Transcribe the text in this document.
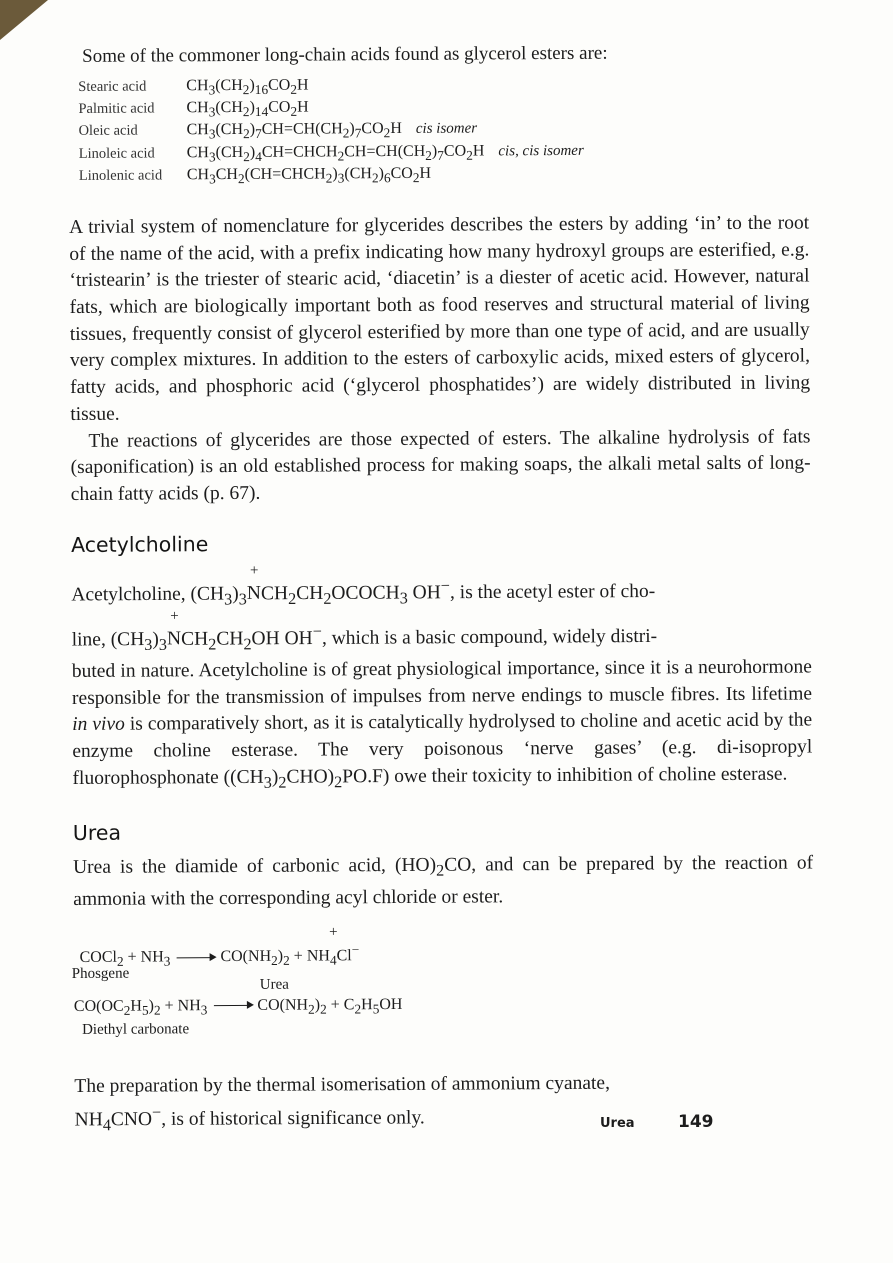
Some of the commoner long-chain acids found as glycerol esters are:
Stearic acid	$CH_3(CH_2)_{16}CO_2H$
Palmitic acid	$CH_3(CH_2)_{14}CO_2H$
Oleic acid	$CH_3(CH_2)_7CH=CH(CH_2)_7CO_2H$ cis isomer
Linoleic acid	$CH_3(CH_2)_4CH=CHCH_2CH=CH(CH_2)_7CO_2H$ cis, cis isomer
Linolenic acid	$CH_3CH_2(CH=CHCH_2)_3(CH_2)_6CO_2H$

A trivial system of nomenclature for glycerides describes the esters by adding ‘in’ to the root of the name of the acid, with a prefix indicating how many hydroxyl groups are esterified, e.g. ‘tristearin’ is the triester of stearic acid, ‘diacetin’ is a diester of acetic acid. However, natural fats, which are biologically important both as food reserves and structural material of living tissues, frequently consist of glycerol esterified by more than one type of acid, and are usually very complex mixtures. In addition to the esters of carboxylic acids, mixed esters of glycerol, fatty acids, and phosphoric acid (‘glycerol phosphatides’) are widely distributed in living tissue.

The reactions of glycerides are those expected of esters. The alkaline hydrolysis of fats (saponification) is an old established process for making soaps, the alkali metal salts of long-chain fatty acids (p. 67).

Acetylcholine

Acetylcholine, $(CH_3)_3$
+
$NCH_2CH_2OCOCH_3$ OH−, is the acetyl ester of cho-

line, $(CH_3)_3$
+
$NCH_2CH_2OH$ OH−, which is a basic compound, widely distri-

buted in nature. Acetylcholine is of great physiological importance, since it is a neurohormone responsible for the transmission of impulses from nerve endings to muscle fibres. Its lifetime in vivo is comparatively short, as it is catalytically hydrolysed to choline and acetic acid by the enzyme choline esterase. The very poisonous ‘nerve gases’ (e.g. di-isopropyl fluorophosphonate $((CH_3)_2CHO)_2PO.F$) owe their toxicity to inhibition of choline esterase.

Urea

Urea is the diamide of carbonic acid, $(HO)_2CO$, and can be prepared by the reaction of ammonia with the corresponding acyl chloride or ester.

COCl$_2$ + $NH_3$	$CO(NH_2)_2$ +
+
$NH_4Cl^-$
Phosgene
Urea
$CO(OC_2H_5)_2 + NH_3$	$CO(NH_2)_2 + C_2H_5OH$
Diethyl carbonate

The preparation by the thermal isomerisation of ammonium cyanate,

$NH_4CNO^-$, is of historical significance only.	Urea	149
